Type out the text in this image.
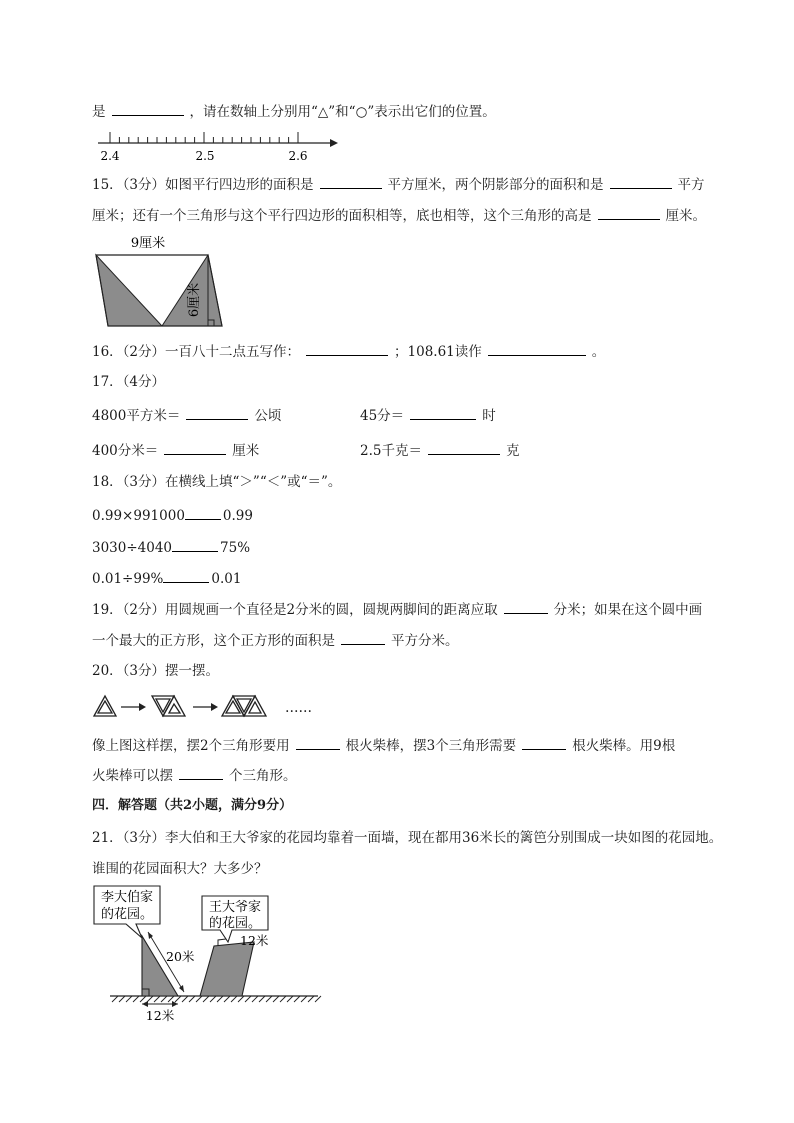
是	，请在数轴上分别用“△”和“○”表示出它们的位置。
2.4	2.5	2.6
15．（3分）如图平行四边形的面积是	平方厘米，两个阴影部分的面积和是	平方
厘米；还有一个三角形与这个平行四边形的面积相等，底也相等，这个三角形的高是	厘米。
9厘米
6厘米
16．（2分）一百八十二点五写作：	；108.61读作	。
17．（4分）
4800平方米＝	公顷	45分＝	时
400分米＝	厘米	2.5千克＝	克
18．（3分）在横线上填“＞”“＜”或“＝”。
0.99×991000	0.99
3030÷4040	75%
0.01÷99%	0.01
19．（2分）用圆规画一个直径是2分米的圆，圆规两脚间的距离应取	分米；如果在这个圆中画
一个最大的正方形，这个正方形的面积是	平方分米。
20．（3分）摆一摆。
……
像上图这样摆，摆2个三角形要用	根火柴棒，摆3个三角形需要	根火柴棒。用9根
火柴棒可以摆	个三角形。
四．解答题（共2小题，满分9分）
21．（3分）李大伯和王大爷家的花园均靠着一面墙，现在都用36米长的篱笆分别围成一块如图的花园地。
谁围的花园面积大？大多少？
李大伯家
的花园。	王大爷家
的花园。
20米
12米
12米
